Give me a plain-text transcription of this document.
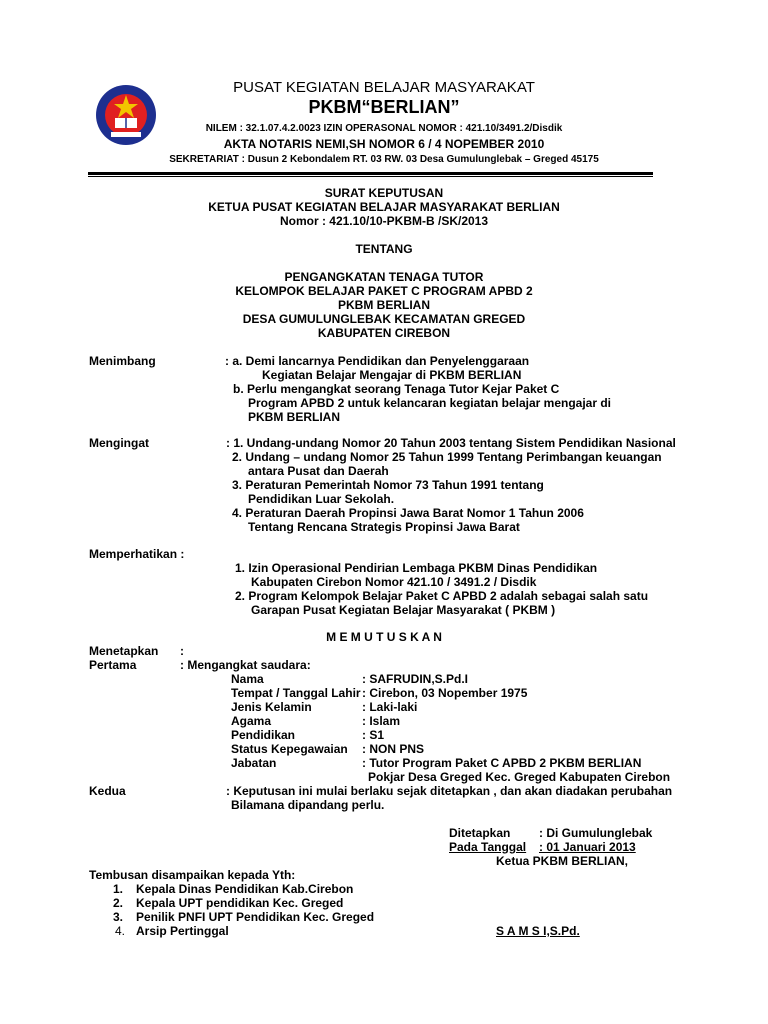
PUSAT KEGIATAN BELAJAR MASYARAKAT
PKBM“BERLIAN”
NILEM : 32.1.07.4.2.0023 IZIN OPERASONAL NOMOR : 421.10/3491.2/Disdik
AKTA NOTARIS NEMI,SH NOMOR 6 / 4 NOPEMBER 2010
SEKRETARIAT : Dusun 2 Kebondalem RT. 03 RW. 03 Desa Gumulunglebak – Greged 45175
SURAT KEPUTUSAN
KETUA PUSAT KEGIATAN BELAJAR MASYARAKAT BERLIAN
Nomor : 421.10/10-PKBM-B /SK/2013
TENTANG
PENGANGKATAN TENAGA TUTOR
KELOMPOK BELAJAR PAKET C PROGRAM APBD 2
PKBM BERLIAN
DESA GUMULUNGLEBAK KECAMATAN GREGED
KABUPATEN CIREBON
Menimbang	: a. Demi lancarnya Pendidikan dan Penyelenggaraan
Kegiatan Belajar Mengajar di PKBM BERLIAN
b. Perlu mengangkat seorang Tenaga Tutor Kejar Paket C
Program APBD 2 untuk kelancaran kegiatan belajar mengajar di
PKBM BERLIAN
Mengingat	: 1. Undang-undang Nomor 20 Tahun 2003 tentang Sistem Pendidikan Nasional
2. Undang – undang Nomor 25 Tahun 1999 Tentang Perimbangan keuangan
antara Pusat dan Daerah
3. Peraturan Pemerintah Nomor 73 Tahun 1991 tentang
Pendidikan Luar Sekolah.
4. Peraturan Daerah Propinsi Jawa Barat Nomor 1 Tahun 2006
Tentang Rencana Strategis Propinsi Jawa Barat
Memperhatikan :
1. Izin Operasional Pendirian Lembaga PKBM Dinas Pendidikan
Kabupaten Cirebon Nomor 421.10 / 3491.2 / Disdik
2. Program Kelompok Belajar Paket C APBD 2 adalah sebagai salah satu
Garapan Pusat Kegiatan Belajar Masyarakat ( PKBM )
M E M U T U S K A N
Menetapkan :
Pertama	: Mengangkat saudara:
Nama	: SAFRUDIN,S.Pd.I
Tempat / Tanggal Lahir : Cirebon, 03 Nopember 1975
Jenis Kelamin	: Laki-laki
Agama	: Islam
Pendidikan	: S1
Status Kepegawaian : NON PNS
Jabatan	: Tutor Program Paket C APBD 2 PKBM BERLIAN
Pokjar Desa Greged Kec. Greged Kabupaten Cirebon
Kedua	: Keputusan ini mulai berlaku sejak ditetapkan , dan akan diadakan perubahan
Bilamana dipandang perlu.
Ditetapkan : Di Gumulunglebak
Pada Tanggal : 01 Januari 2013
Ketua PKBM BERLIAN,
Tembusan disampaikan kepada Yth:
1. Kepala Dinas Pendidikan Kab.Cirebon
2. Kepala UPT pendidikan Kec. Greged
3. Penilik PNFI UPT Pendidikan Kec. Greged
4. Arsip Pertinggal	S A M S I,S.Pd.
